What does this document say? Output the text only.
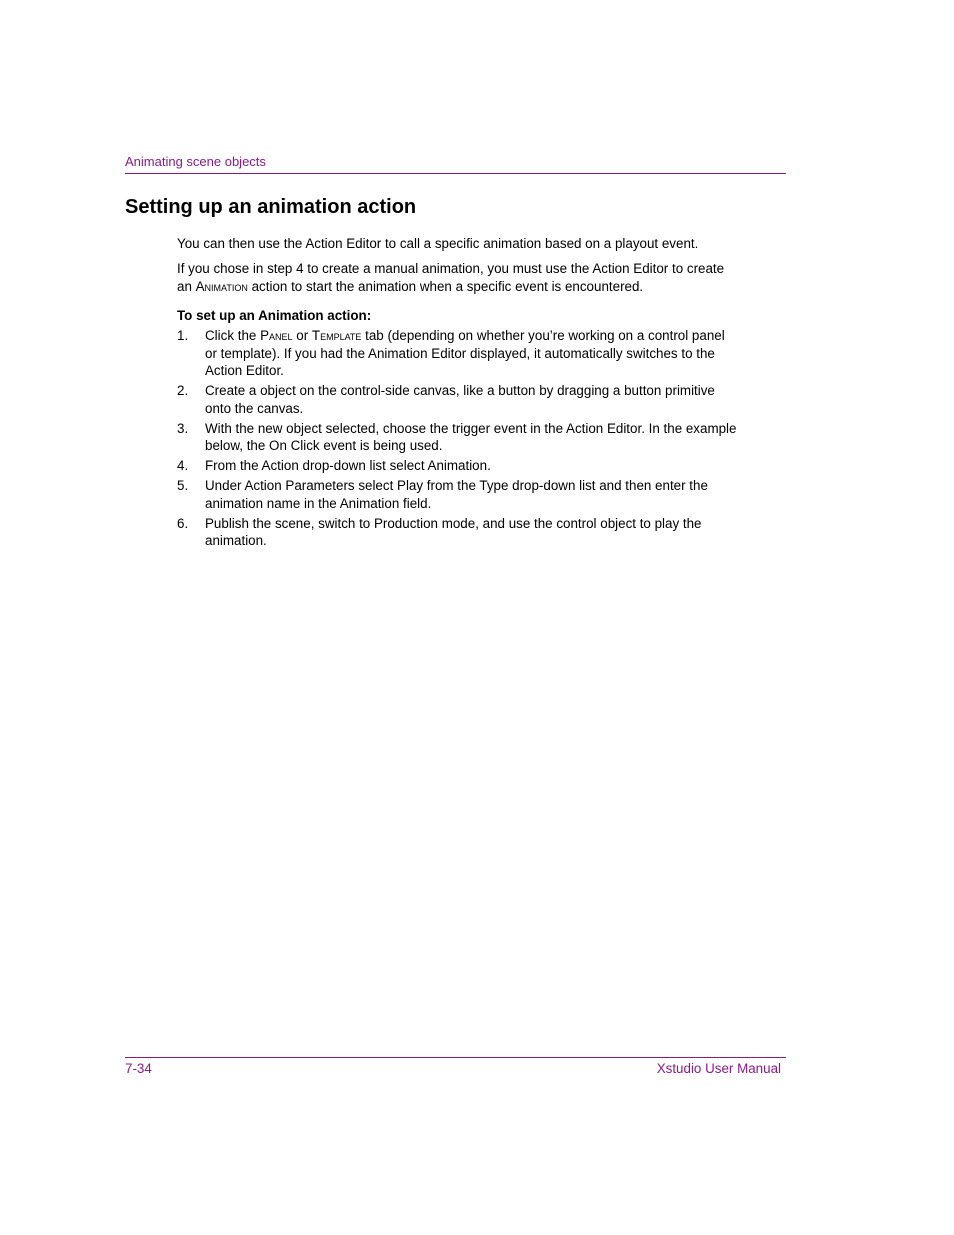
Animating scene objects
Setting up an animation action

You can then use the Action Editor to call a specific animation based on a playout event.

If you chose in step 4 to create a manual animation, you must use the Action Editor to create an Animation action to start the animation when a specific event is encountered.

To set up an Animation action:

1. Click the Panel or Template tab (depending on whether you’re working on a control panel or template). If you had the Animation Editor displayed, it automatically switches to the Action Editor.
2. Create a object on the control-side canvas, like a button by dragging a button primitive onto the canvas.
3. With the new object selected, choose the trigger event in the Action Editor. In the example below, the On Click event is being used.
4. From the Action drop-down list select Animation.
5. Under Action Parameters select Play from the Type drop-down list and then enter the animation name in the Animation field.
6. Publish the scene, switch to Production mode, and use the control object to play the animation.
7-34	Xstudio User Manual
